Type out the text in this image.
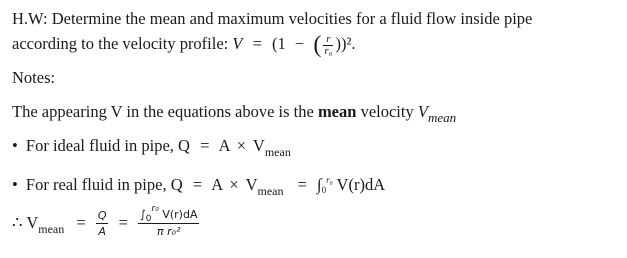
H.W: Determine the mean and maximum velocities for a fluid flow inside pipe
according to the velocity profile: V = (1 − ( $\frac{r}{\text{r₀}} ))^2$.
Notes:
The appearing V in the equations above is the mean velocity $V_{mean}$
• For ideal fluid in pipe, $Q = A \times V_{mean}$
• For real fluid in pipe, $Q = A \times V_{mean} = \int 0^{r_0}$ V(r)dA
∴ $V_{mean} = \frac{Q}{A} = \frac{\int_0^{r_0} V(r)dA}{\text{π r₀²}}$
